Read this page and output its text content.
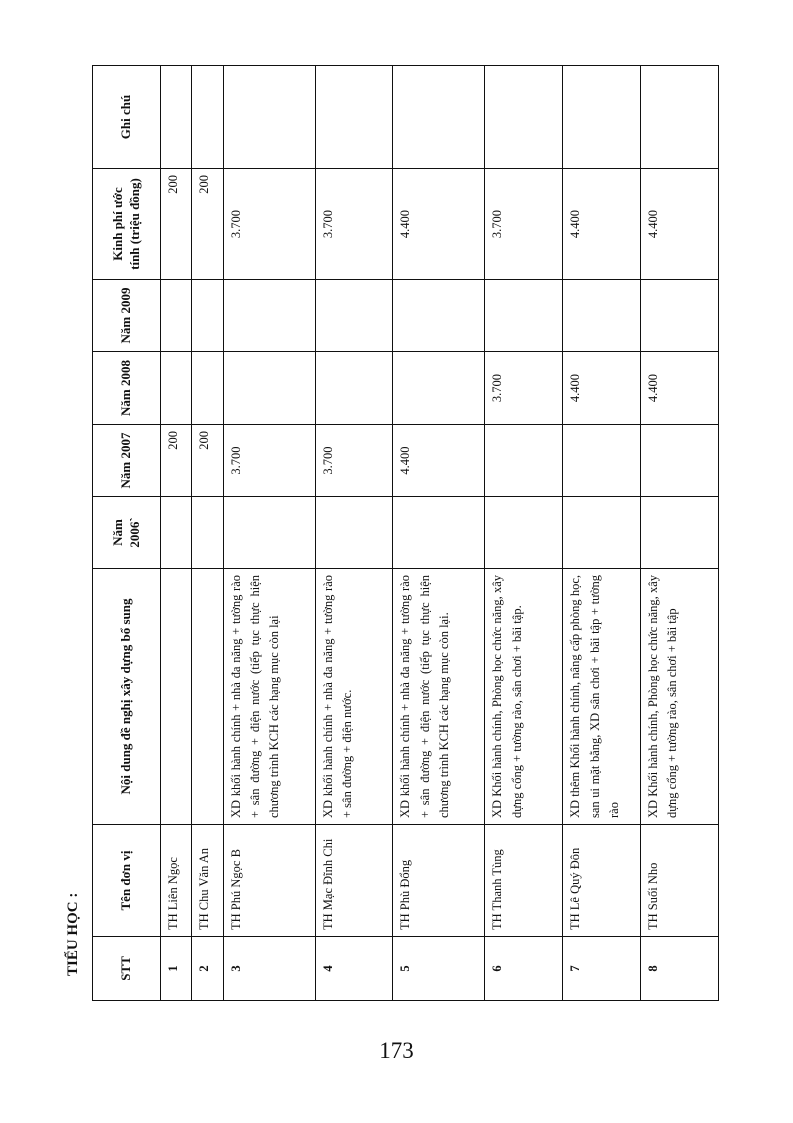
TIỂU HỌC :	STT	Tên đơn vị	Nội dung đề nghị xây dựng bổ sung	Năm 2006`	Năm 2007	Năm 2008	Năm 2009	Kinh phí ước tính (triệu đồng)	Ghi chú
1	TH Liên Ngọc			200			200	
2	TH Chu Văn An			200			200	
3	TH Phú Ngọc B	XD khối hành chính + nhà đa năng + tường rào + sân đường + điện nước (tiếp tục thực hiện chương trình KCH các hạng mục còn lại		3.700			3.700	
4	TH Mạc Đĩnh Chi	XD khối hành chính + nhà đa năng + tường rào + sân đường + điện nước.		3.700			3.700	
5	TH Phù Đổng	XD khối hành chính + nhà đa năng + tường rào + sân đường + điện nước (tiếp tục thực hiện chương trình KCH các hạng mục còn lại.		4.400			4.400	
6	TH Thanh Tùng	XD Khối hành chính, Phòng học chức năng, xây dựng cổng + tường rào, sân chơi + bãi tập.			3.700		3.700	
7	TH Lê Quý Đôn	XD thêm Khối hành chính, nâng cấp phòng học, san ui mặt bằng, XD sân chơi + bãi tập + tường rào			4.400		4.400	
8	TH Suối Nho	XD Khối hành chính, Phòng học chức năng, xây dựng cổng + tường rào, sân chơi + bãi tập			4.400		4.400	
173
